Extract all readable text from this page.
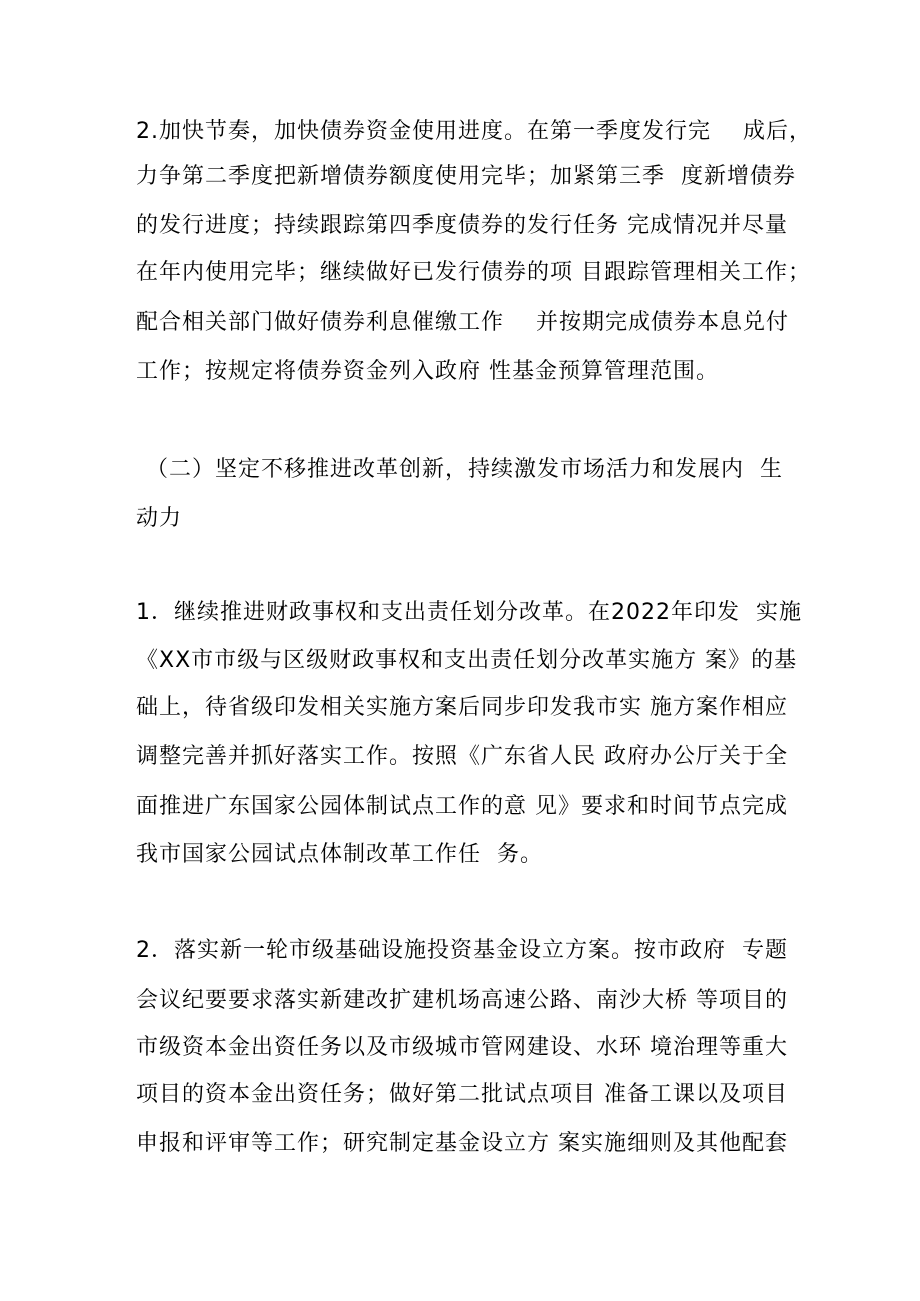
2.加快节奏，加快债券资金使用进度。在第一季度发行完    成后，
力争第二季度把新增债券额度使用完毕；加紧第三季  度新增债券
的发行进度；持续跟踪第四季度债券的发行任务 完成情况并尽量
在年内使用完毕；继续做好已发行债券的项 目跟踪管理相关工作；
配合相关部门做好债券利息催缴工作    并按期完成债券本息兑付
工作；按规定将债券资金列入政府 性基金预算管理范围。
（二）坚定不移推进改革创新，持续激发市场活力和发展内  生
动力
1．继续推进财政事权和支出责任划分改革。在2022年印发  实施
《XX市市级与区级财政事权和支出责任划分改革实施方 案》的基
础上，待省级印发相关实施方案后同步印发我市实 施方案作相应
调整完善并抓好落实工作。按照《广东省人民 政府办公厅关于全
面推进广东国家公园体制试点工作的意 见》要求和时间节点完成
我市国家公园试点体制改革工作任  务。
2．落实新一轮市级基础设施投资基金设立方案。按市政府  专题
会议纪要要求落实新建改扩建机场高速公路、南沙大桥 等项目的
市级资本金出资任务以及市级城市管网建设、水环 境治理等重大
项目的资本金出资任务；做好第二批试点项目 准备工课以及项目
申报和评审等工作；研究制定基金设立方 案实施细则及其他配套
